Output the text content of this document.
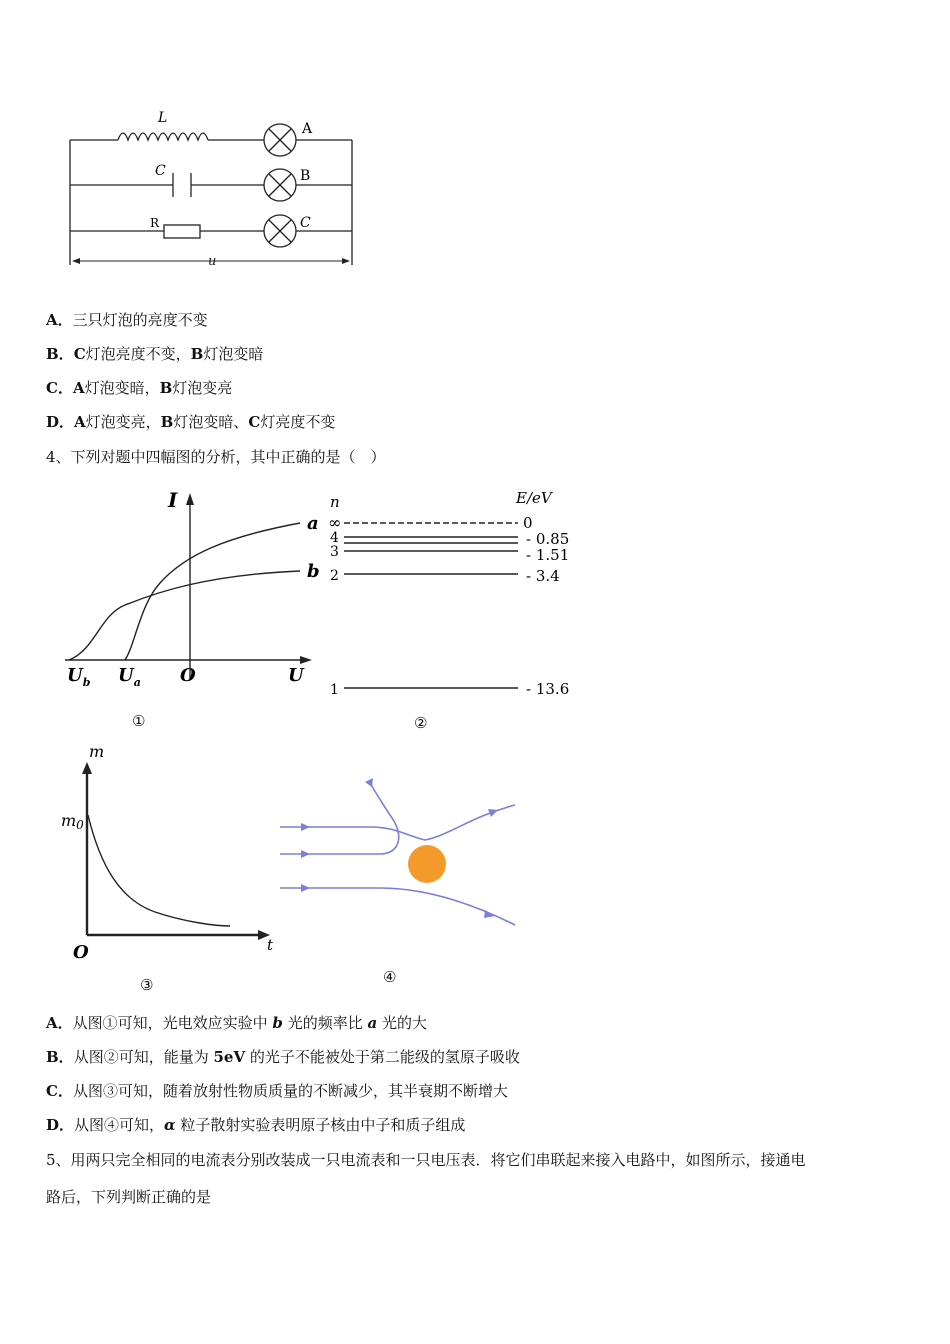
L
C
R
A
B
C
u
A．三只灯泡的亮度不变
B．C灯泡亮度不变，B灯泡变暗
C．A灯泡变暗，B灯泡变亮
D．A灯泡变亮，B灯泡变暗、C灯亮度不变
4、下列对题中四幅图的分析，其中正确的是（　）
I
a
b
$U_b$ $U_a$ O	U
①
n	E/eV
∞	0
4	- 0.85
3	- 1.51
2	- 3.4
1	- 13.6
②
m
m0
O	t
③	④
A．从图①可知，光电效应实验中 b 光的频率比 a 光的大
B．从图②可知，能量为 5eV 的光子不能被处于第二能级的氢原子吸收
C．从图③可知，随着放射性物质质量的不断减少，其半衰期不断增大
D．从图④可知，α 粒子散射实验表明原子核由中子和质子组成
5、用两只完全相同的电流表分别改装成一只电流表和一只电压表．将它们串联起来接入电路中，如图所示，接通电
路后，下列判断正确的是
